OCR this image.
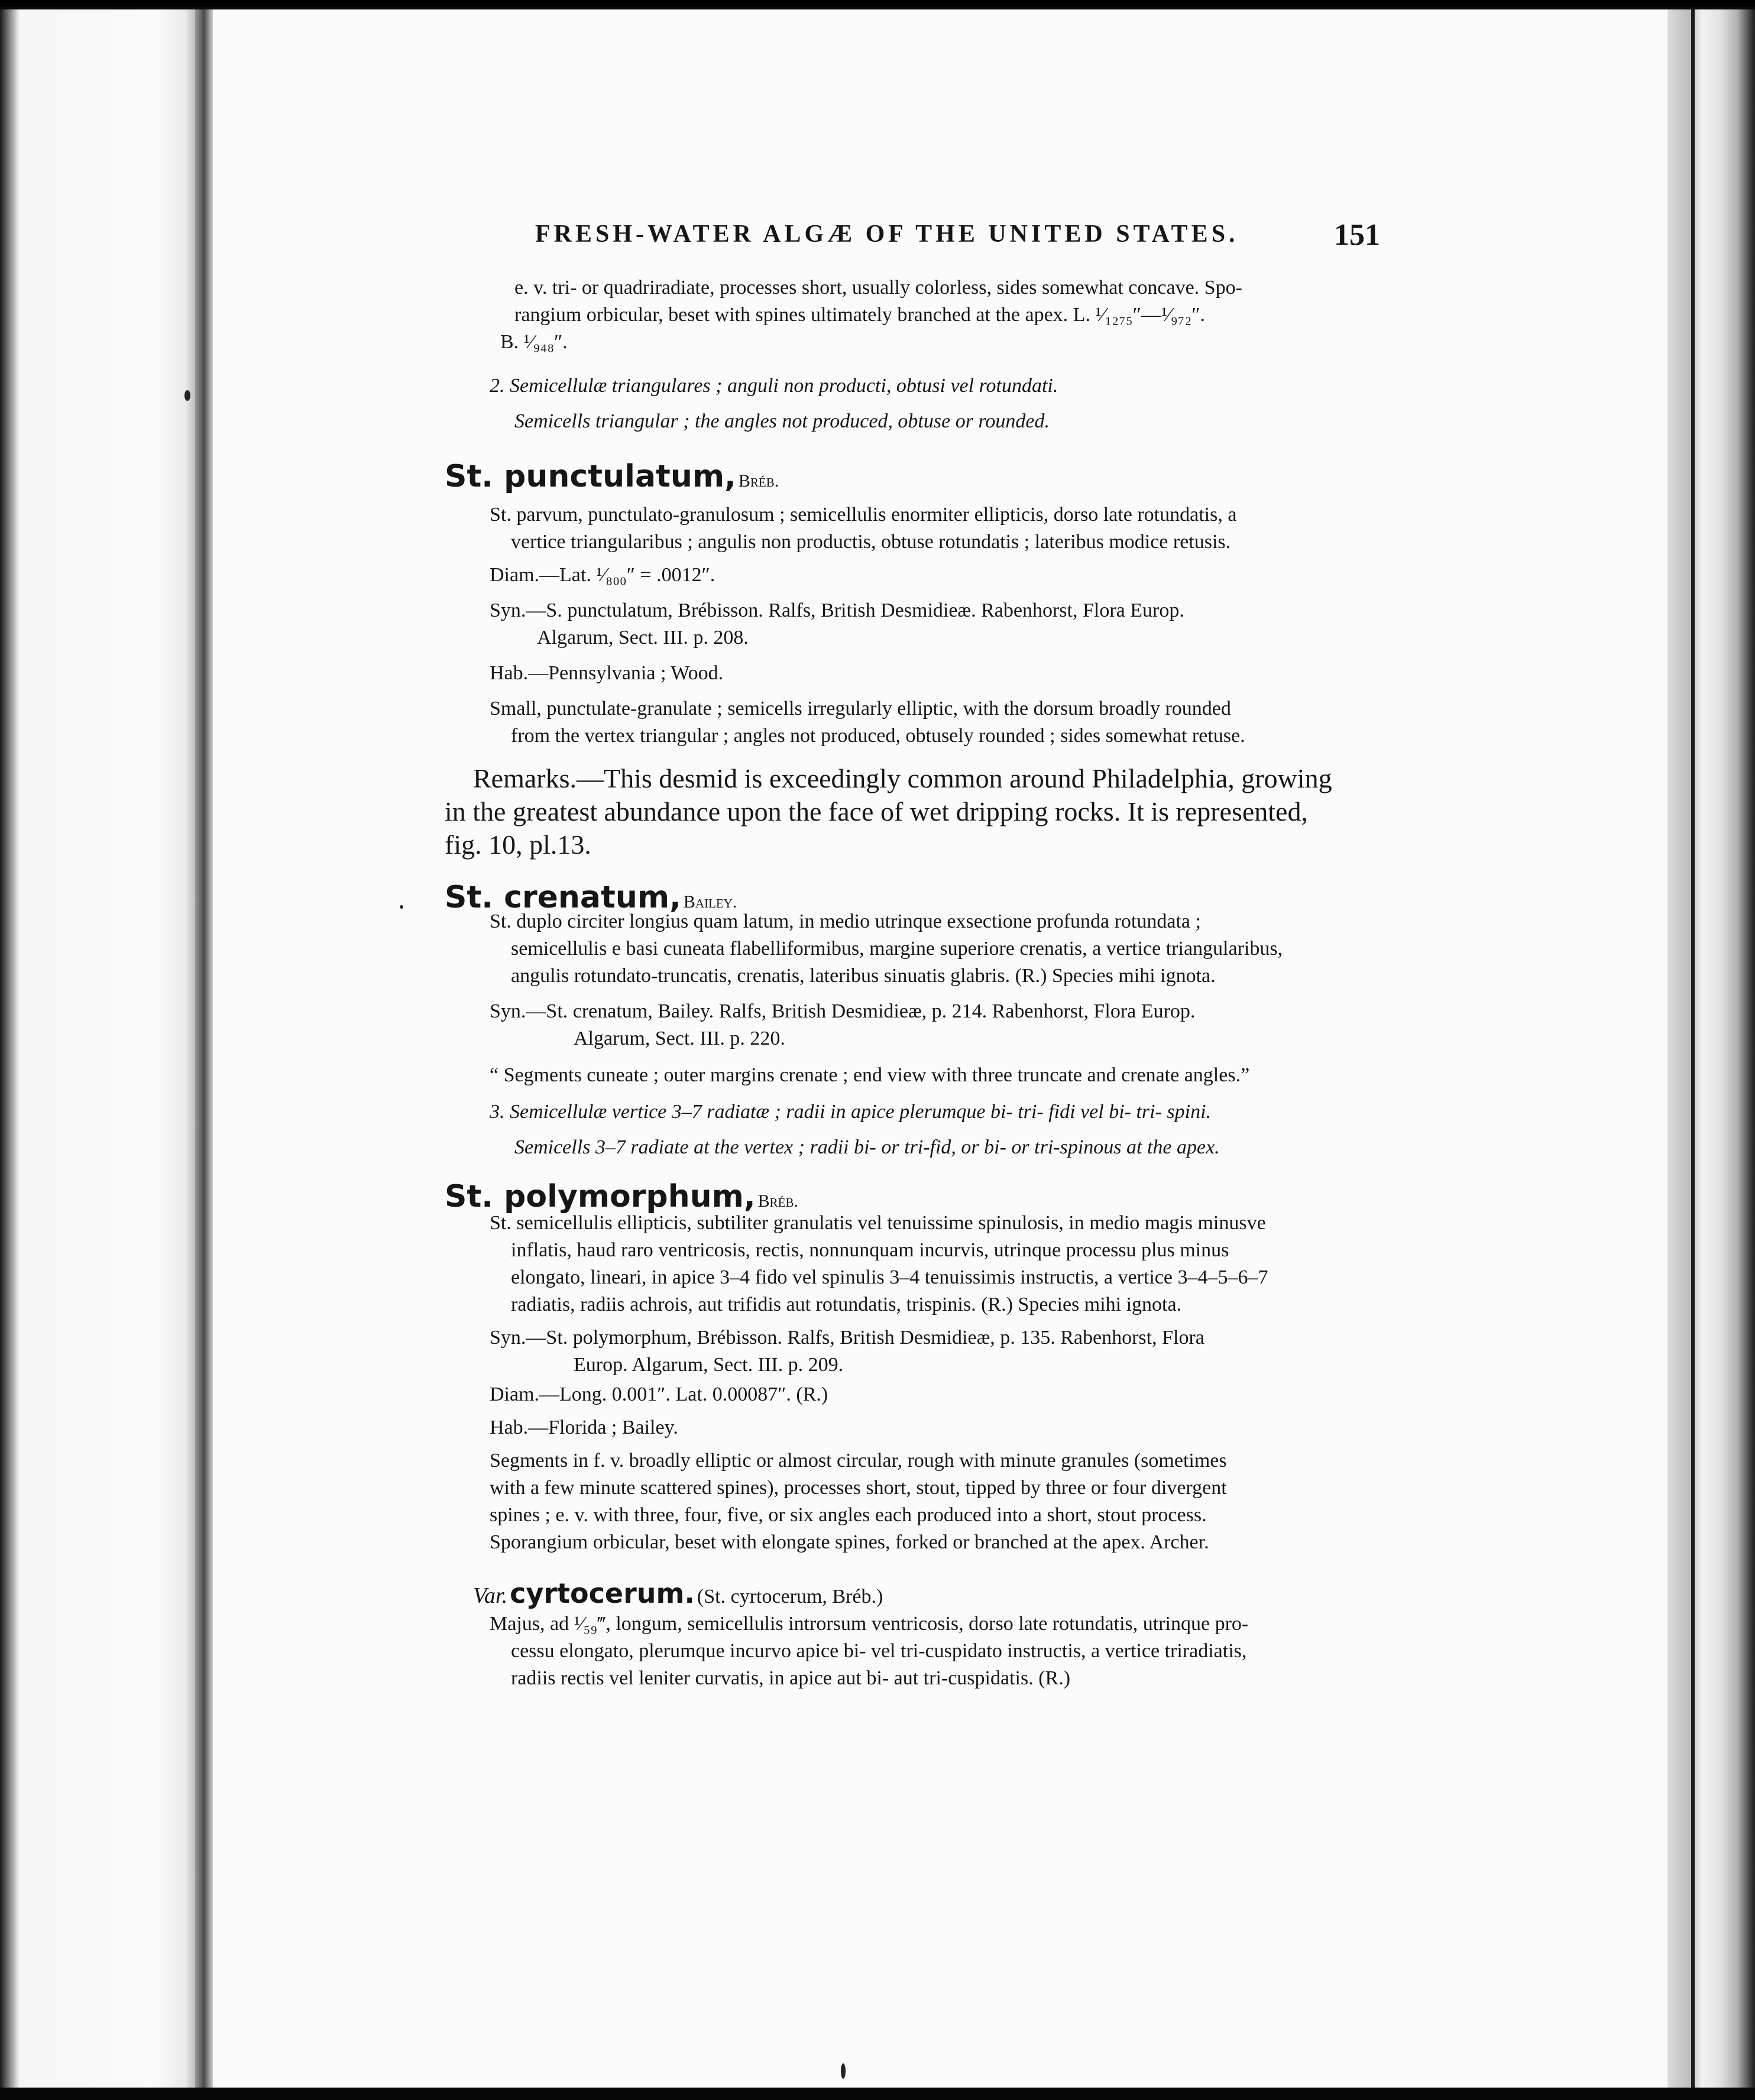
FRESH-WATER ALGÆ OF THE UNITED STATES.	151
e. v. tri- or quadriradiate, processes short, usually colorless, sides somewhat concave. Spo-
rangium orbicular, beset with spines ultimately branched at the apex. L. ¹⁄₁₂₇₅″—¹⁄₉₇₂″.
B. ¹⁄₉₄₈″.
2. Semicellulæ triangulares ; anguli non producti, obtusi vel rotundati.
Semicells triangular ; the angles not produced, obtuse or rounded.
St. punctulatum, Bréb.
St. parvum, punctulato-granulosum ; semicellulis enormiter ellipticis, dorso late rotundatis, a
vertice triangularibus ; angulis non productis, obtuse rotundatis ; lateribus modice retusis.
Diam.—Lat. ¹⁄₈₀₀″ = .0012″.
Syn.—S. punctulatum, Brébisson. Ralfs, British Desmidieæ. Rabenhorst, Flora Europ.
Algarum, Sect. III. p. 208.
Hab.—Pennsylvania ; Wood.
Small, punctulate-granulate ; semicells irregularly elliptic, with the dorsum broadly rounded
from the vertex triangular ; angles not produced, obtusely rounded ; sides somewhat retuse.
Remarks.—This desmid is exceedingly common around Philadelphia, growing
in the greatest abundance upon the face of wet dripping rocks. It is represented,
fig. 10, pl.13.
St. crenatum, Bailey.
St. duplo circiter longius quam latum, in medio utrinque exsectione profunda rotundata ;
semicellulis e basi cuneata flabelliformibus, margine superiore crenatis, a vertice triangularibus,
angulis rotundato-truncatis, crenatis, lateribus sinuatis glabris. (R.) Species mihi ignota.
Syn.—St. crenatum, Bailey. Ralfs, British Desmidieæ, p. 214. Rabenhorst, Flora Europ.
Algarum, Sect. III. p. 220.
“ Segments cuneate ; outer margins crenate ; end view with three truncate and crenate angles.”
3. Semicellulæ vertice 3–7 radiatæ ; radii in apice plerumque bi- tri- fidi vel bi- tri- spini.
Semicells 3–7 radiate at the vertex ; radii bi- or tri-fid, or bi- or tri-spinous at the apex.
St. polymorphum, Bréb.
St. semicellulis ellipticis, subtiliter granulatis vel tenuissime spinulosis, in medio magis minusve
inflatis, haud raro ventricosis, rectis, nonnunquam incurvis, utrinque processu plus minus
elongato, lineari, in apice 3–4 fido vel spinulis 3–4 tenuissimis instructis, a vertice 3–4–5–6–7
radiatis, radiis achrois, aut trifidis aut rotundatis, trispinis. (R.) Species mihi ignota.
Syn.—St. polymorphum, Brébisson. Ralfs, British Desmidieæ, p. 135. Rabenhorst, Flora
Europ. Algarum, Sect. III. p. 209.
Diam.—Long. 0.001″. Lat. 0.00087″. (R.)
Hab.—Florida ; Bailey.
Segments in f. v. broadly elliptic or almost circular, rough with minute granules (sometimes
with a few minute scattered spines), processes short, stout, tipped by three or four divergent
spines ; e. v. with three, four, five, or six angles each produced into a short, stout process.
Sporangium orbicular, beset with elongate spines, forked or branched at the apex. Archer.
Var. cyrtocerum. (St. cyrtocerum, Bréb.)
Majus, ad ¹⁄₅₉‴, longum, semicellulis introrsum ventricosis, dorso late rotundatis, utrinque pro-
cessu elongato, plerumque incurvo apice bi- vel tri-cuspidato instructis, a vertice triradiatis,
radiis rectis vel leniter curvatis, in apice aut bi- aut tri-cuspidatis. (R.)
